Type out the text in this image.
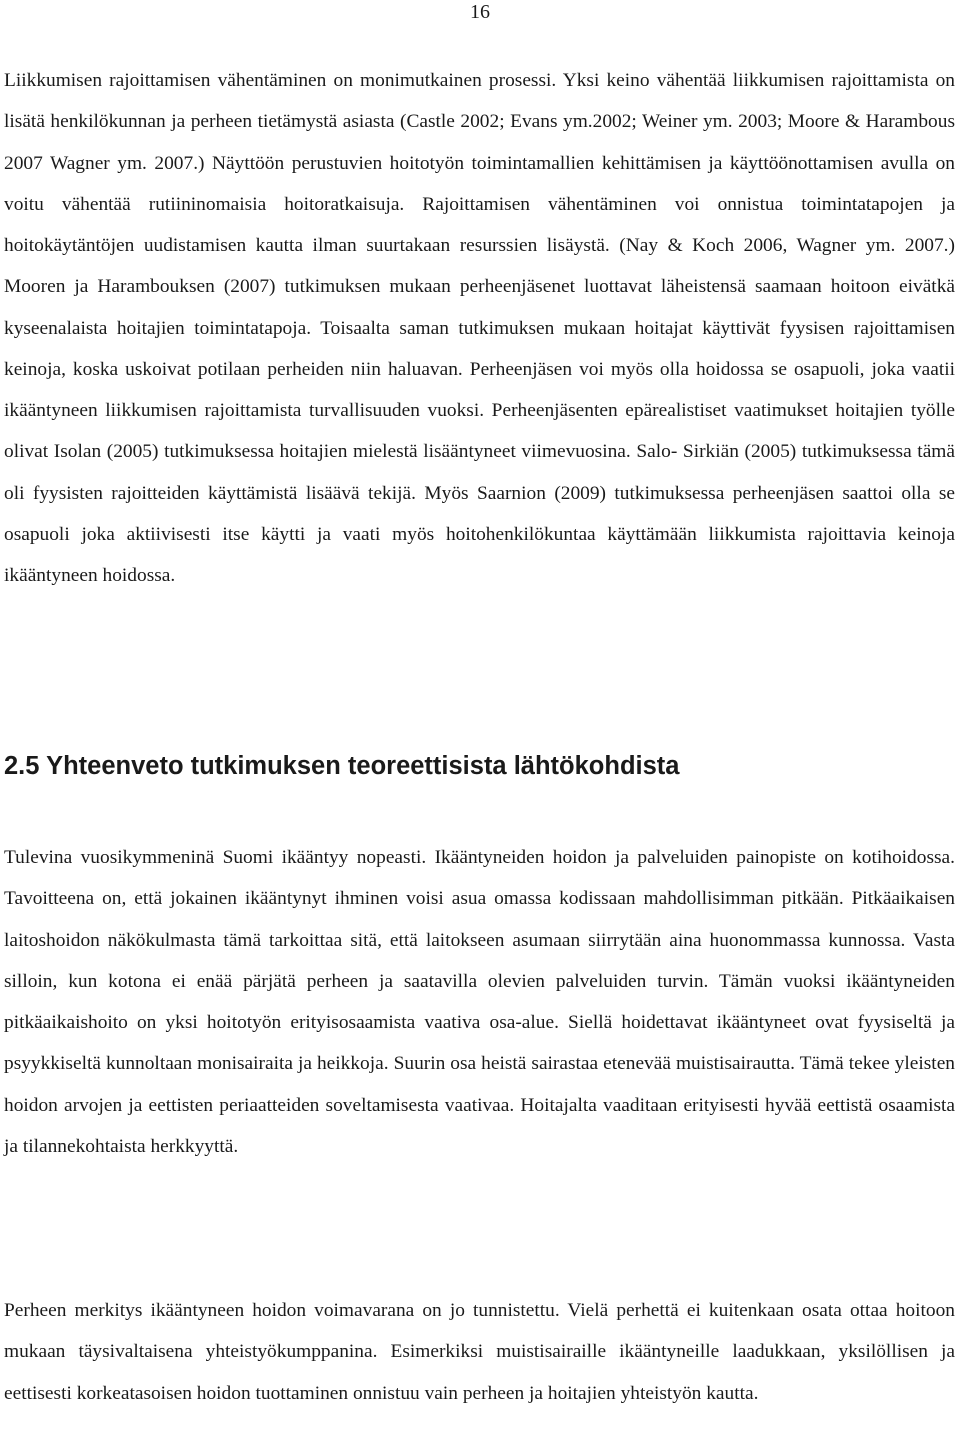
16

Liikkumisen rajoittamisen vähentäminen on monimutkainen prosessi. Yksi keino vähentää liikkumisen rajoittamista on lisätä henkilökunnan ja perheen tietämystä asiasta (Castle 2002; Evans ym.2002; Weiner ym. 2003; Moore & Harambous 2007 Wagner ym. 2007.) Näyttöön perustuvien hoitotyön toimintamallien kehittämisen ja käyttöönottamisen avulla on voitu vähentää rutiininomaisia hoitoratkaisuja. Rajoittamisen vähentäminen voi onnistua toimintatapojen ja hoitokäytäntöjen uudistamisen kautta ilman suurtakaan resurssien lisäystä. (Nay & Koch 2006, Wagner ym. 2007.) Mooren ja Harambouksen (2007) tutkimuksen mukaan perheenjäsenet luottavat läheistensä saamaan hoitoon eivätkä kyseenalaista hoitajien toimintatapoja. Toisaalta saman tutkimuksen mukaan hoitajat käyttivät fyysisen rajoittamisen keinoja, koska uskoivat potilaan perheiden niin haluavan. Perheenjäsen voi myös olla hoidossa se osapuoli, joka vaatii ikääntyneen liikkumisen rajoittamista turvallisuuden vuoksi. Perheenjäsenten epärealistiset vaatimukset hoitajien työlle olivat Isolan (2005) tutkimuksessa hoitajien mielestä lisääntyneet viimevuosina. Salo- Sirkiän (2005) tutkimuksessa tämä oli fyysisten rajoitteiden käyttämistä lisäävä tekijä. Myös Saarnion (2009) tutkimuksessa perheenjäsen saattoi olla se osapuoli joka aktiivisesti itse käytti ja vaati myös hoitohenkilökuntaa käyttämään liikkumista rajoittavia keinoja ikääntyneen hoidossa.

2.5 Yhteenveto tutkimuksen teoreettisista lähtökohdista

Tulevina vuosikymmeninä Suomi ikääntyy nopeasti. Ikääntyneiden hoidon ja palveluiden painopiste on kotihoidossa. Tavoitteena on, että jokainen ikääntynyt ihminen voisi asua omassa kodissaan mahdollisimman pitkään. Pitkäaikaisen laitoshoidon näkökulmasta tämä tarkoittaa sitä, että laitokseen asumaan siirrytään aina huonommassa kunnossa. Vasta silloin, kun kotona ei enää pärjätä perheen ja saatavilla olevien palveluiden turvin. Tämän vuoksi ikääntyneiden pitkäaikaishoito on yksi hoitotyön erityisosaamista vaativa osa-alue. Siellä hoidettavat ikääntyneet ovat fyysiseltä ja psyykkiseltä kunnoltaan monisairaita ja heikkoja. Suurin osa heistä sairastaa etenevää muistisairautta. Tämä tekee yleisten hoidon arvojen ja eettisten periaatteiden soveltamisesta vaativaa. Hoitajalta vaaditaan erityisesti hyvää eettistä osaamista ja tilannekohtaista herkkyyttä.

Perheen merkitys ikääntyneen hoidon voimavarana on jo tunnistettu. Vielä perhettä ei kuitenkaan osata ottaa hoitoon mukaan täysivaltaisena yhteistyökumppanina. Esimerkiksi muistisairaille ikääntyneille laadukkaan, yksilöllisen ja eettisesti korkeatasoisen hoidon tuottaminen onnistuu vain perheen ja hoitajien yhteistyön kautta.
